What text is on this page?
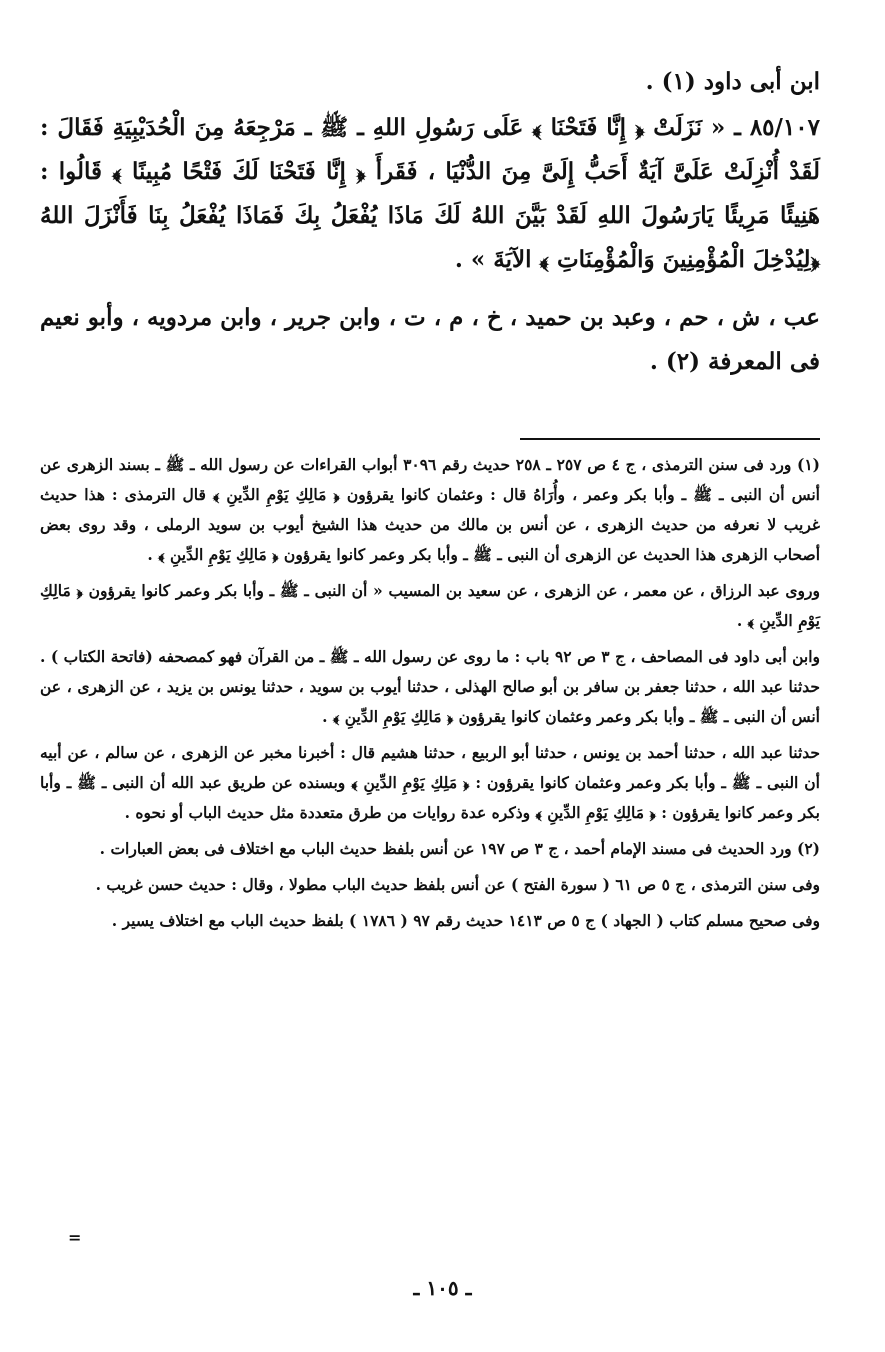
ابن أبى داود (١) .

٨٥/١٠٧ ـ « نَزَلَتْ ﴿ إِنَّا فَتَحْنَا ﴾ عَلَى رَسُولِ اللهِ ـ ﷺ ـ مَرْجِعَهُ مِنَ الْحُدَيْبِيَةِ فَقَالَ : لَقَدْ أُنْزِلَتْ عَلَىَّ آيَةٌ أَحَبُّ إِلَىَّ مِنَ الدُّنْيَا ، فَقَرأَ ﴿ إِنَّا فَتَحْنَا لَكَ فَتْحًا مُبِينًا ﴾ قَالُوا : هَنِيئًا مَرِيئًا يَارَسُولَ اللهِ لَقَدْ بَيَّنَ اللهُ لَكَ مَاذَا يُفْعَلُ بِكَ فَمَاذَا يُفْعَلُ بِنَا فَأَنْزَلَ اللهُ ﴿لِيُدْخِلَ الْمُؤْمِنِينَ وَالْمُؤْمِنَاتِ ﴾ الآيَةَ » .

عب ، ش ، حم ، وعبد بن حميد ، خ ، م ، ت ، وابن جرير ، وابن مردويه ، وأبو نعيم فى المعرفة (٢) .

(١) ورد فى سنن الترمذى ، ج ٤ ص ٢٥٧ ـ ٢٥٨ حديث رقم ٣٠٩٦ أبواب القراءات عن رسول الله ـ ﷺ ـ بسند الزهرى عن أنس أن النبى ـ ﷺ ـ وأبا بكر وعمر ، وأُرَاهُ قال : وعثمان كانوا يقرؤون ﴿ مَالِكِ يَوْمِ الدِّينِ ﴾ قال الترمذى : هذا حديث غريب لا نعرفه من حديث الزهرى ، عن أنس بن مالك من حديث هذا الشيخ أيوب بن سويد الرملى ، وقد روى بعض أصحاب الزهرى هذا الحديث عن الزهرى أن النبى ـ ﷺ ـ وأبا بكر وعمر كانوا يقرؤون ﴿ مَالِكِ يَوْمِ الدِّينِ ﴾ .

وروى عبد الرزاق ، عن معمر ، عن الزهرى ، عن سعيد بن المسيب « أن النبى ـ ﷺ ـ وأبا بكر وعمر كانوا يقرؤون ﴿ مَالِكِ يَوْمِ الدِّينِ ﴾ .

وابن أبى داود فى المصاحف ، ج ٣ ص ٩٢ باب : ما روى عن رسول الله ـ ﷺ ـ من القرآن فهو كمصحفه (فاتحة الكتاب ) . حدثنا عبد الله ، حدثنا جعفر بن سافر بن أبو صالح الهذلى ، حدثنا أيوب بن سويد ، حدثنا يونس بن يزيد ، عن الزهرى ، عن أنس أن النبى ـ ﷺ ـ وأبا بكر وعمر وعثمان كانوا يقرؤون ﴿ مَالِكِ يَوْمِ الدِّينِ ﴾ .

حدثنا عبد الله ، حدثنا أحمد بن يونس ، حدثنا أبو الربيع ، حدثنا هشيم قال : أخبرنا مخبر عن الزهرى ، عن سالم ، عن أبيه أن النبى ـ ﷺ ـ وأبا بكر وعمر وعثمان كانوا يقرؤون : ﴿ مَلِكِ يَوْمِ الدِّينِ ﴾ وبسنده عن طريق عبد الله أن النبى ـ ﷺ ـ وأبا بكر وعمر كانوا يقرؤون : ﴿ مَالِكِ يَوْمِ الدِّينِ ﴾ وذكره عدة روايات من طرق متعددة مثل حديث الباب أو نحوه .

(٢) ورد الحديث فى مسند الإمام أحمد ، ج ٣ ص ١٩٧ عن أنس بلفظ حديث الباب مع اختلاف فى بعض العبارات .

وفى سنن الترمذى ، ج ٥ ص ٦١ ( سورة الفتح ) عن أنس بلفظ حديث الباب مطولا ، وقال : حديث حسن غريب .

وفى صحيح مسلم كتاب ( الجهاد ) ج ٥ ص ١٤١٣ حديث رقم ٩٧ ( ١٧٨٦ ) بلفظ حديث الباب مع اختلاف يسير .

=
ـ ١٠٥ ـ
